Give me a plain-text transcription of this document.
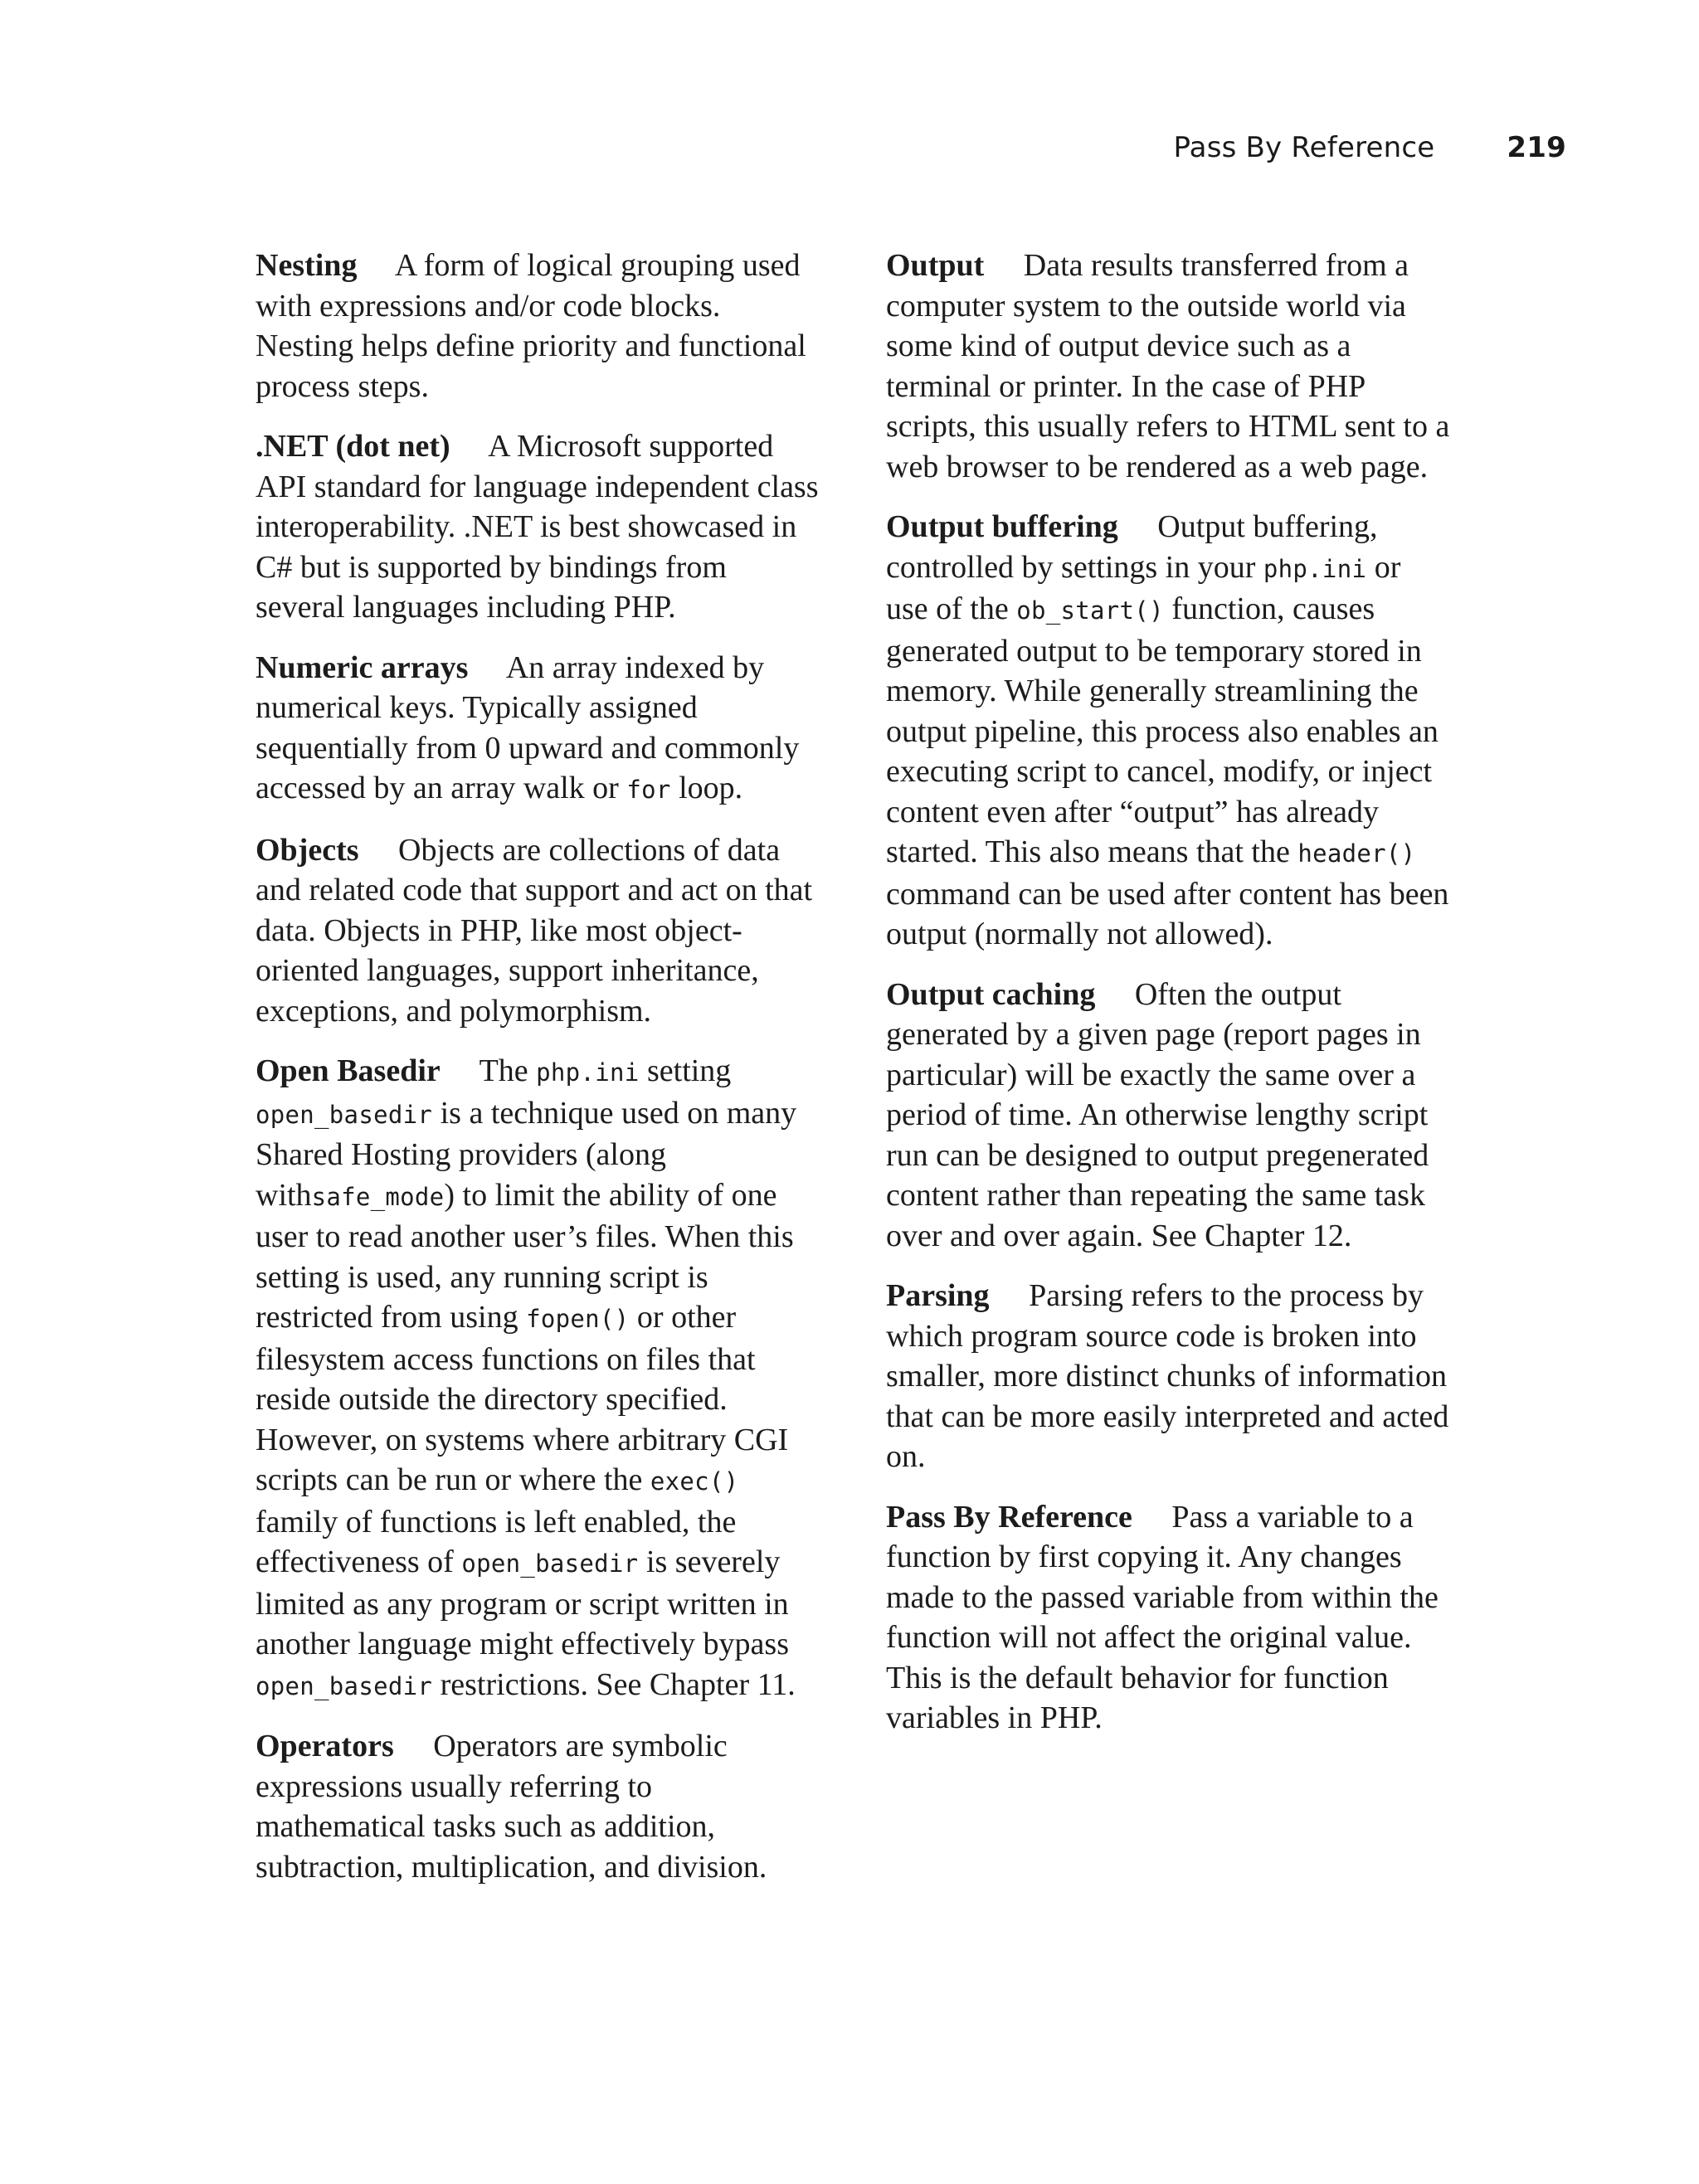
Pass By Reference	219

Nesting A form of logical grouping used with expressions and/or code blocks. Nesting helps define priority and functional process steps.

.NET (dot net) A Microsoft supported API standard for language independent class interoperability. .NET is best showcased in C# but is supported by bindings from several languages including PHP.

Numeric arrays An array indexed by numerical keys. Typically assigned sequentially from 0 upward and commonly accessed by an array walk or for loop.

Objects Objects are collections of data and related code that support and act on that data. Objects in PHP, like most object-oriented languages, support inheritance, exceptions, and polymorphism.

Open Basedir The php.ini setting open_basedir is a technique used on many Shared Hosting providers (along withsafe_mode) to limit the ability of one user to read another user’s files. When this setting is used, any running script is restricted from using fopen() or other filesystem access functions on files that reside outside the directory specified. However, on systems where arbitrary CGI scripts can be run or where the exec() family of functions is left enabled, the effectiveness of open_basedir is severely limited as any program or script written in another language might effectively bypass open_basedir restrictions. See Chapter 11.

Operators Operators are symbolic expressions usually referring to mathematical tasks such as addition, subtraction, multiplication, and division.

Output Data results transferred from a computer system to the outside world via some kind of output device such as a terminal or printer. In the case of PHP scripts, this usually refers to HTML sent to a web browser to be rendered as a web page.

Output buffering Output buffering, controlled by settings in your php.ini or use of the ob_start() function, causes generated output to be temporary stored in memory. While generally streamlining the output pipeline, this process also enables an executing script to cancel, modify, or inject content even after “output” has already started. This also means that the header() command can be used after content has been output (normally not allowed).

Output caching Often the output generated by a given page (report pages in particular) will be exactly the same over a period of time. An otherwise lengthy script run can be designed to output pregenerated content rather than repeating the same task over and over again. See Chapter 12.

Parsing Parsing refers to the process by which program source code is broken into smaller, more distinct chunks of information that can be more easily interpreted and acted on.

Pass By Reference Pass a variable to a function by first copying it. Any changes made to the passed variable from within the function will not affect the original value. This is the default behavior for function variables in PHP.
